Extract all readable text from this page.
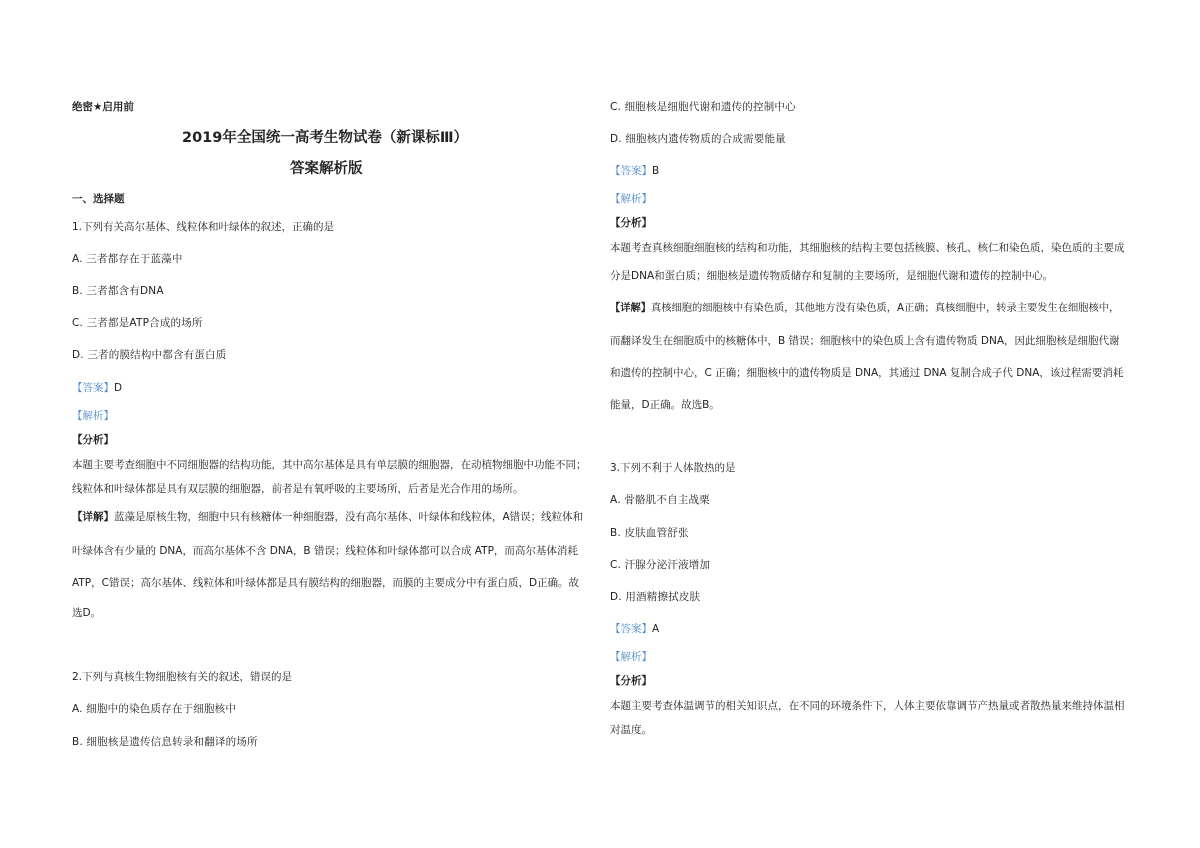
绝密★启用前
2019年全国统一高考生物试卷（新课标Ⅲ）
答案解析版
一、选择题
1.下列有关高尔基体、线粒体和叶绿体的叙述，正确的是
A. 三者都存在于蓝藻中
B. 三者都含有DNA
C. 三者都是ATP合成的场所
D. 三者的膜结构中都含有蛋白质
【答案】D
【解析】
【分析】
本题主要考查细胞中不同细胞器的结构功能，其中高尔基体是具有单层膜的细胞器，在动植物细胞中功能不同；
线粒体和叶绿体都是具有双层膜的细胞器，前者是有氧呼吸的主要场所，后者是光合作用的场所。
【详解】蓝藻是原核生物，细胞中只有核糖体一种细胞器，没有高尔基体、叶绿体和线粒体，A错误；线粒体和
叶绿体含有少量的 DNA，而高尔基体不含 DNA，B 错误；线粒体和叶绿体都可以合成 ATP，而高尔基体消耗
ATP，C错误；高尔基体、线粒体和叶绿体都是具有膜结构的细胞器，而膜的主要成分中有蛋白质，D正确。故
选D。
2.下列与真核生物细胞核有关的叙述，错误的是
A. 细胞中的染色质存在于细胞核中
B. 细胞核是遗传信息转录和翻译的场所
C. 细胞核是细胞代谢和遗传的控制中心
D. 细胞核内遗传物质的合成需要能量
【答案】B
【解析】
【分析】
本题考查真核细胞细胞核的结构和功能，其细胞核的结构主要包括核膜、核孔、核仁和染色质，染色质的主要成
分是DNA和蛋白质；细胞核是遗传物质储存和复制的主要场所，是细胞代谢和遗传的控制中心。
【详解】真核细胞的细胞核中有染色质，其他地方没有染色质，A正确；真核细胞中，转录主要发生在细胞核中，
而翻译发生在细胞质中的核糖体中，B 错误；细胞核中的染色质上含有遗传物质 DNA，因此细胞核是细胞代谢
和遗传的控制中心，C 正确；细胞核中的遗传物质是 DNA，其通过 DNA 复制合成子代 DNA，该过程需要消耗
能量，D正确。故选B。
3.下列不利于人体散热的是
A. 骨骼肌不自主战栗
B. 皮肤血管舒张
C. 汗腺分泌汗液增加
D. 用酒精擦拭皮肤
【答案】A
【解析】
【分析】
本题主要考查体温调节的相关知识点，在不同的环境条件下，人体主要依靠调节产热量或者散热量来维持体温相
对温度。
